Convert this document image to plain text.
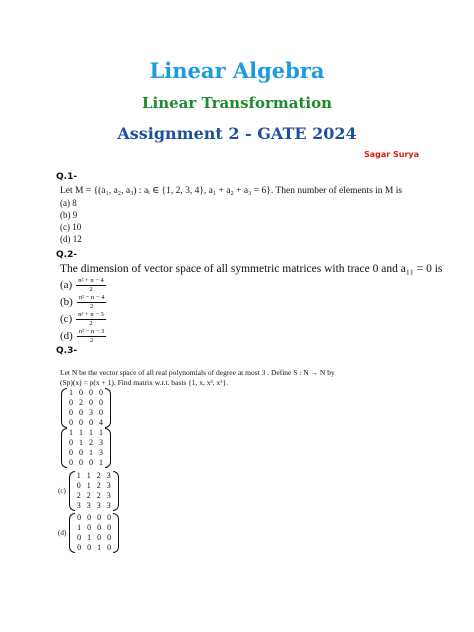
Linear Algebra
Linear Transformation
Assignment 2 - GATE 2024
Sagar Surya
Q.1-
Let M = {(a₁, a₂, a₃) : aᵢ ∈ {1, 2, 3, 4}, a₁ + a₂ + a₃ = 6}. Then number of elements in M is
(a) 8
(b) 9
(c) 10
(d) 12
Q.2-
The dimension of vector space of all symmetric matrices with trace 0 and a₁₁ = 0 is
$(a) \frac{\text{n² + n − 4}}{2}$
$(b) \frac{\text{n² − n − 4}}{2}$
$(c) \frac{\text{n² + n − 3}}{2}$
$(d) \frac{\text{n² − n − 3}}{2}$
Q.3-
Let N be the vector space of all real polynomials of degree at most 3 . Define S : N → N by
(Sp)(x) = p(x + 1). Find matrix w.r.t. basis {1, x, x², x³}.
1 0 0 0
0 2 0 0
0 0 3 0
0 0 0 4
1 1 1 1
0 1 2 3
0 0 1 3
0 0 0 1
(c)
1 1 2 3
0 1 2 3
2 2 2 3
3 3 3 3
(d)
0 0 0 0
1 0 0 0
0 1 0 0
0 0 1 0
